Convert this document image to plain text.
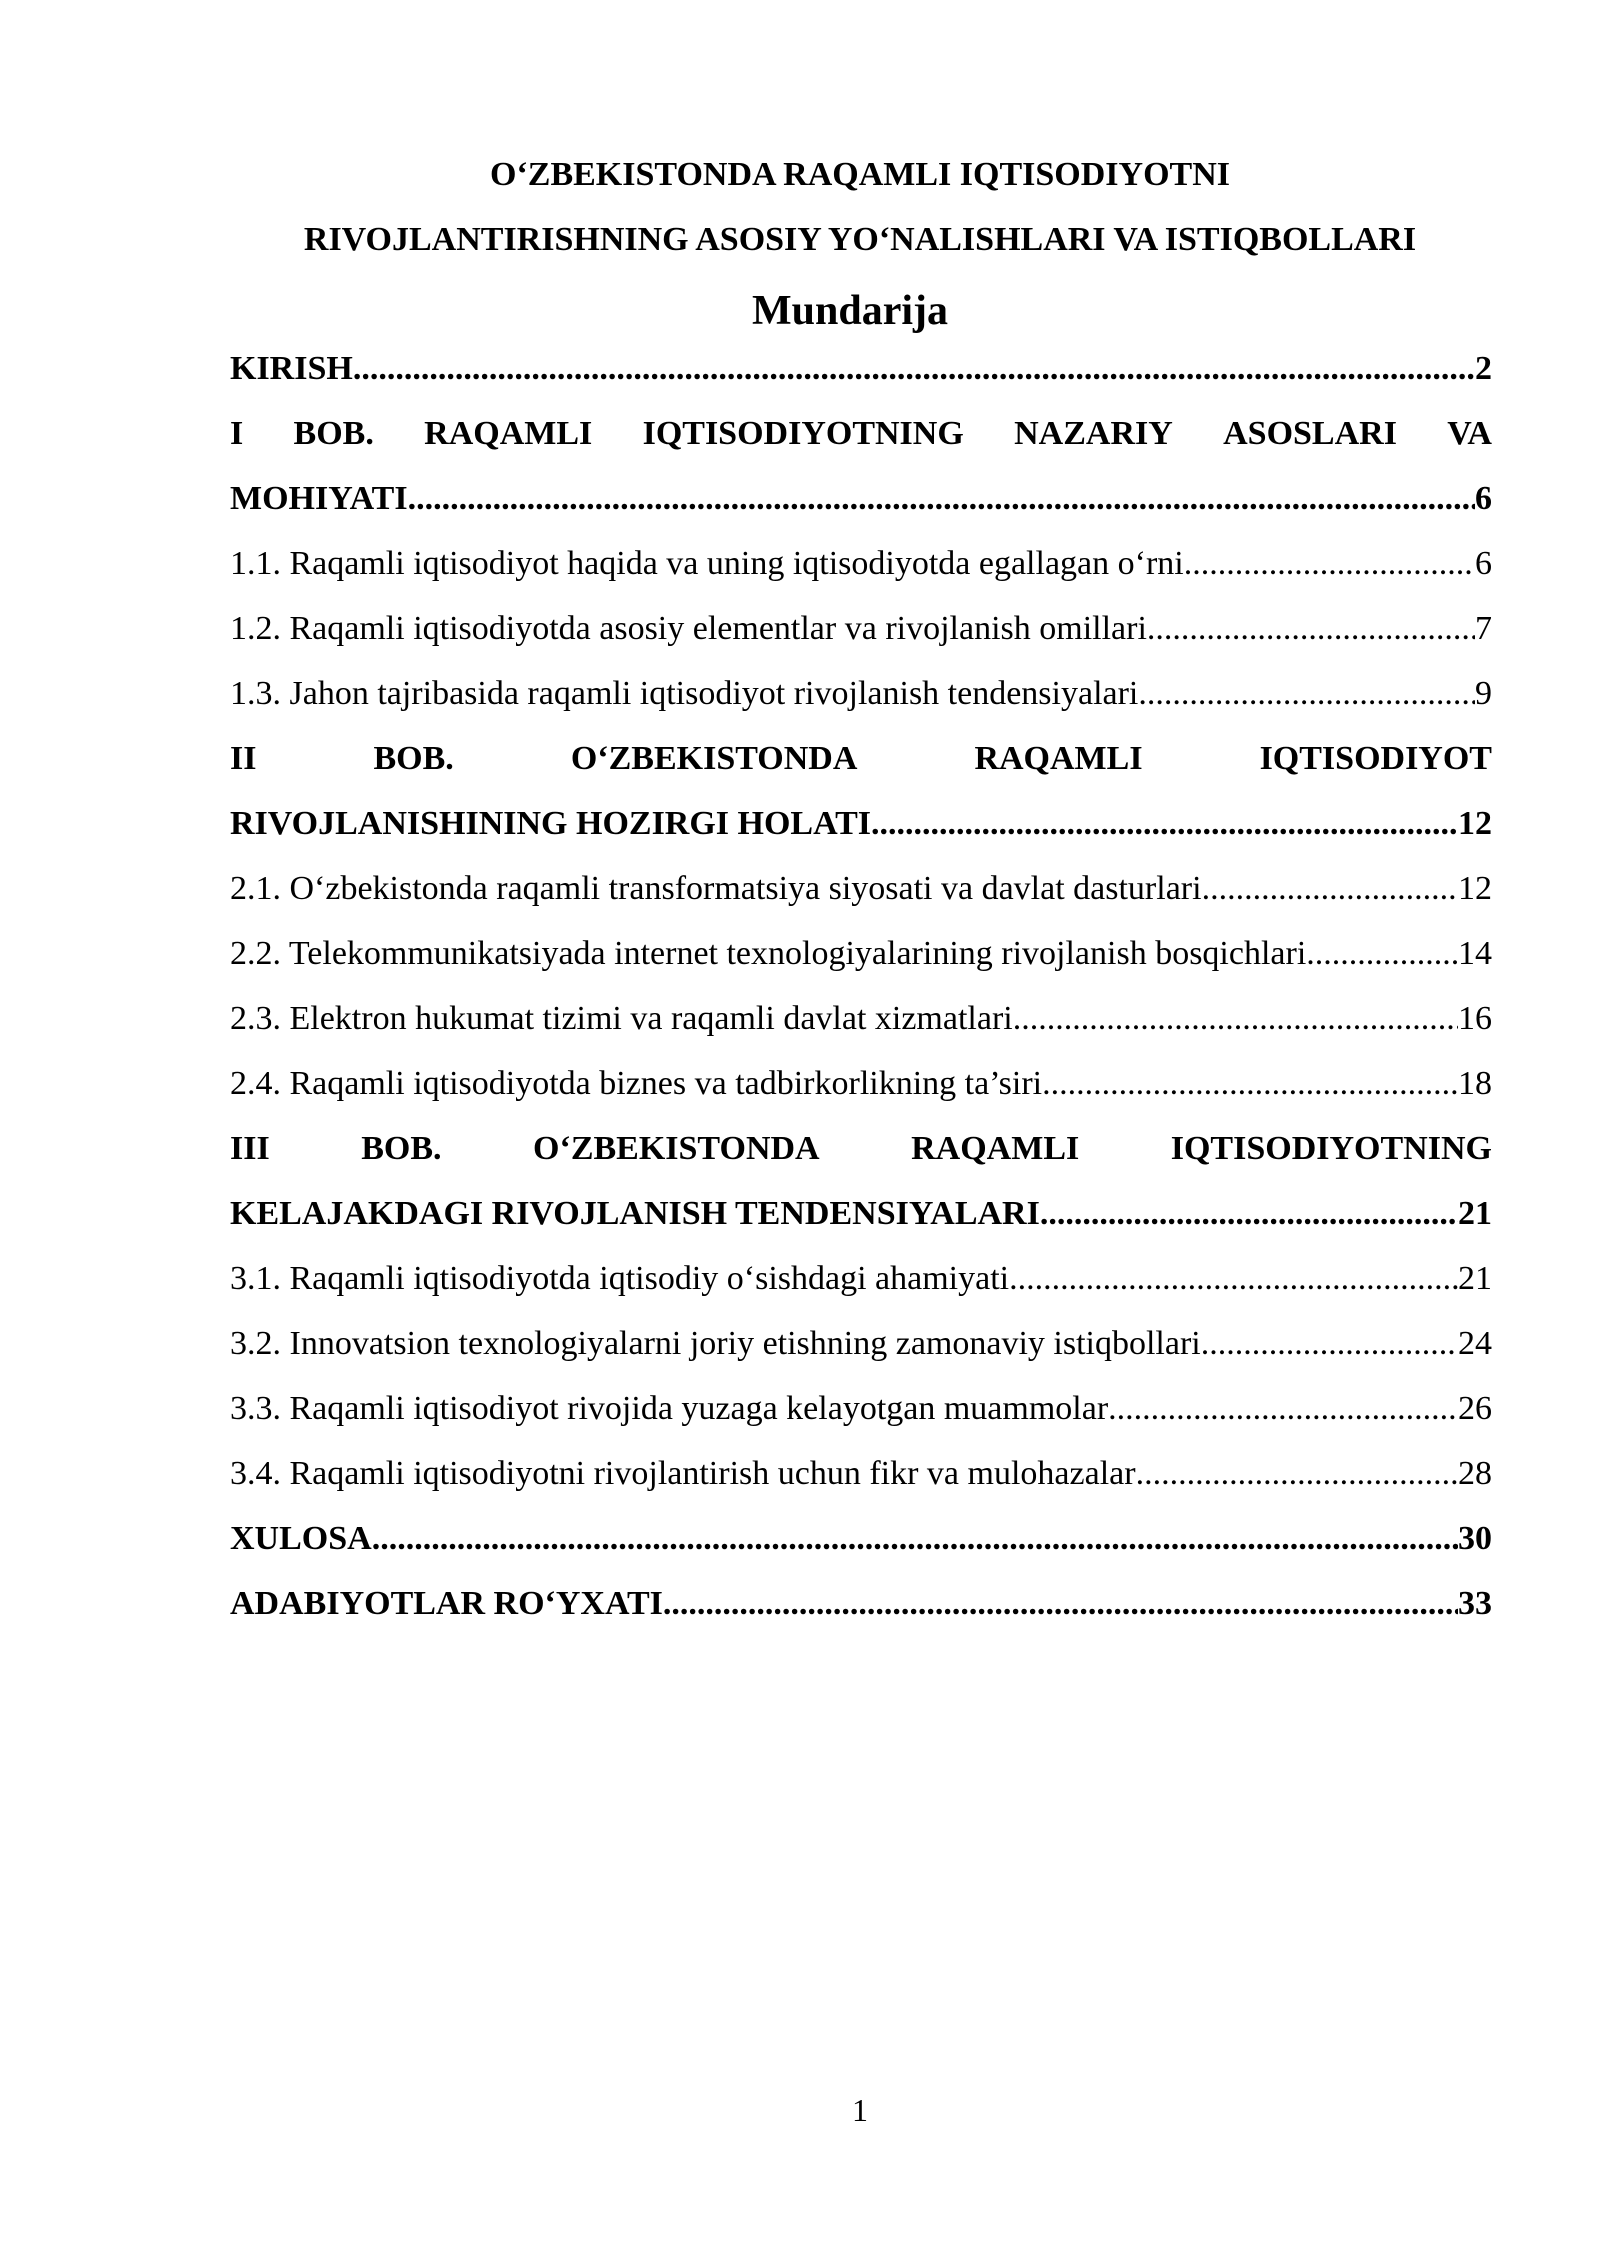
O‘ZBEKISTONDA RAQAMLI IQTISODIYOTNI
RIVOJLANTIRISHNING ASOSIY YO‘NALISHLARI VA ISTIQBOLLARI
Mundarija
KIRISH .....	2
I BOB. RAQAMLI IQTISODIYOTNING NAZARIY ASOSLARI VA
MOHIYATI .....	6
1.1. Raqamli iqtisodiyot haqida va uning iqtisodiyotda egallagan o‘rni .....	6
1.2. Raqamli iqtisodiyotda asosiy elementlar va rivojlanish omillari .....	7
1.3. Jahon tajribasida raqamli iqtisodiyot rivojlanish tendensiyalari .....	9
II	BOB.	O‘ZBEKISTONDA	RAQAMLI	IQTISODIYOT
RIVOJLANISHINING HOZIRGI HOLATI .....	12
2.1. O‘zbekistonda raqamli transformatsiya siyosati va davlat dasturlari .....	12
2.2. Telekommunikatsiyada internet texnologiyalarining rivojlanish bosqichlari .....	14
2.3. Elektron hukumat tizimi va raqamli davlat xizmatlari .....	16
2.4. Raqamli iqtisodiyotda biznes va tadbirkorlikning ta’siri .....	18
III	BOB.	O‘ZBEKISTONDA	RAQAMLI	IQTISODIYOTNING
KELAJAKDAGI RIVOJLANISH TENDENSIYALARI .....	21
3.1. Raqamli iqtisodiyotda iqtisodiy o‘sishdagi ahamiyati .....	21
3.2. Innovatsion texnologiyalarni joriy etishning zamonaviy istiqbollari .....	24
3.3. Raqamli iqtisodiyot rivojida yuzaga kelayotgan muammolar .....	26
3.4. Raqamli iqtisodiyotni rivojlantirish uchun fikr va mulohazalar .....	28
XULOSA .....	30
ADABIYOTLAR RO‘YXATI .....	33
1
